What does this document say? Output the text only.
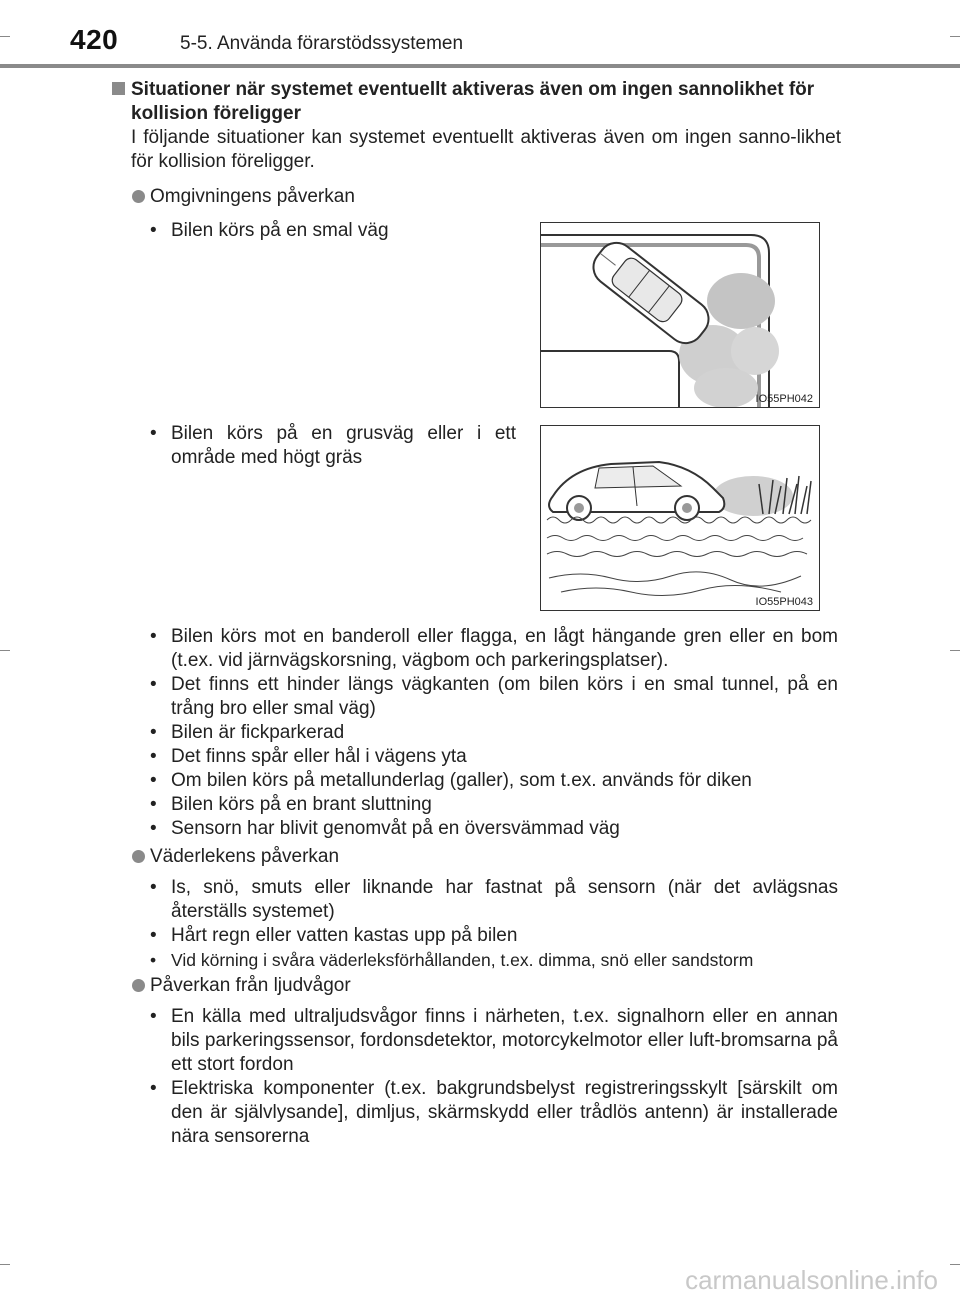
420	5-5. Använda förarstödssystemen
Situationer när systemet eventuellt aktiveras även om ingen sannolikhet för kollision föreligger
I följande situationer kan systemet eventuellt aktiveras även om ingen sanno-likhet för kollision föreligger.
Omgivningens påverkan
• Bilen körs på en smal väg
IO55PH042
• Bilen körs på en grusväg eller i ett område med högt gräs
IO55PH043
• Bilen körs mot en banderoll eller flagga, en lågt hängande gren eller en bom (t.ex. vid järnvägskorsning, vägbom och parkeringsplatser).
• Det finns ett hinder längs vägkanten (om bilen körs i en smal tunnel, på en trång bro eller smal väg)
• Bilen är fickparkerad
• Det finns spår eller hål i vägens yta
• Om bilen körs på metallunderlag (galler), som t.ex. används för diken
• Bilen körs på en brant sluttning
• Sensorn har blivit genomvåt på en översvämmad väg
Väderlekens påverkan
• Is, snö, smuts eller liknande har fastnat på sensorn (när det avlägsnas återställs systemet)
• Hårt regn eller vatten kastas upp på bilen
• Vid körning i svåra väderleksförhållanden, t.ex. dimma, snö eller sandstorm
Påverkan från ljudvågor
• En källa med ultraljudsvågor finns i närheten, t.ex. signalhorn eller en annan bils parkeringssensor, fordonsdetektor, motorcykelmotor eller luft-bromsarna på ett stort fordon
• Elektriska komponenter (t.ex. bakgrundsbelyst registreringsskylt [särskilt om den är självlysande], dimljus, skärmskydd eller trådlös antenn) är installerade nära sensorerna
carmanualsonline.info
